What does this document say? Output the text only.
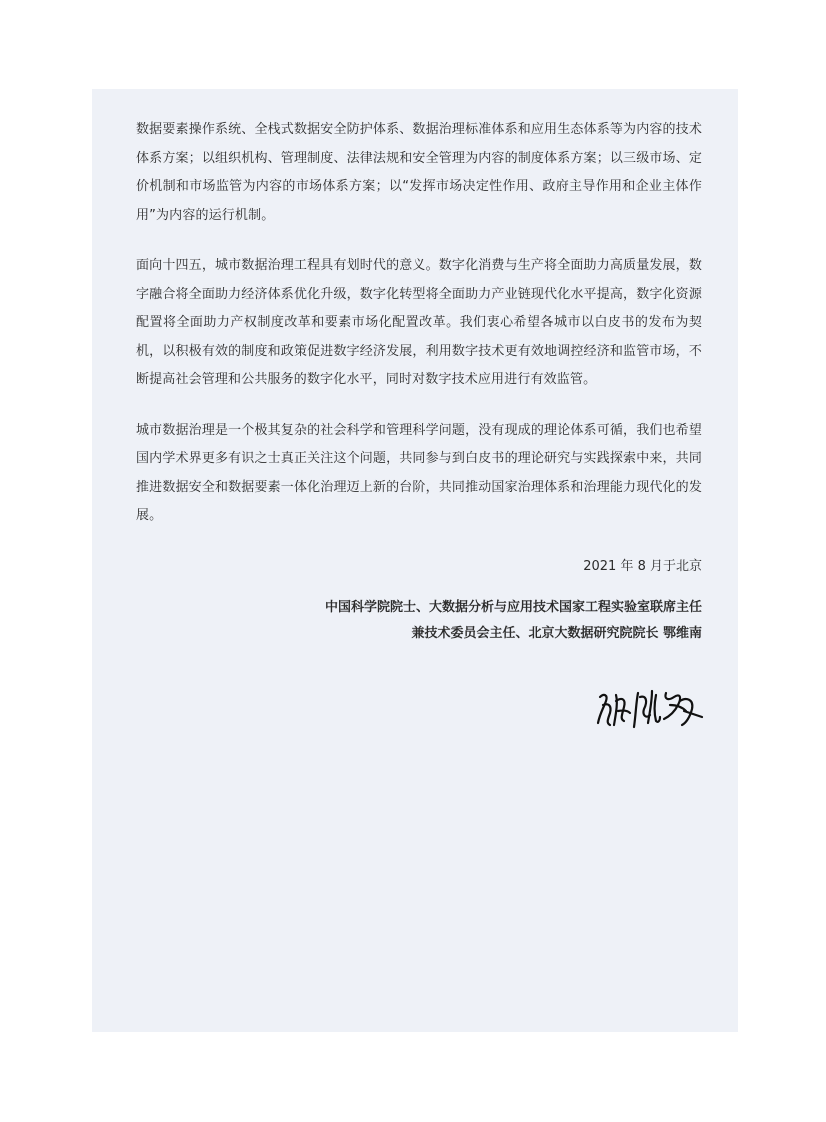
数据要素操作系统、全栈式数据安全防护体系、数据治理标准体系和应用生态体系等为内容的技术体系方案；以组织机构、管理制度、法律法规和安全管理为内容的制度体系方案；以三级市场、定价机制和市场监管为内容的市场体系方案；以“发挥市场决定性作用、政府主导作用和企业主体作用”为内容的运行机制。

面向十四五，城市数据治理工程具有划时代的意义。数字化消费与生产将全面助力高质量发展，数字融合将全面助力经济体系优化升级，数字化转型将全面助力产业链现代化水平提高，数字化资源配置将全面助力产权制度改革和要素市场化配置改革。我们衷心希望各城市以白皮书的发布为契机，以积极有效的制度和政策促进数字经济发展，利用数字技术更有效地调控经济和监管市场，不断提高社会管理和公共服务的数字化水平，同时对数字技术应用进行有效监管。

城市数据治理是一个极其复杂的社会科学和管理科学问题，没有现成的理论体系可循，我们也希望国内学术界更多有识之士真正关注这个问题，共同参与到白皮书的理论研究与实践探索中来，共同推进数据安全和数据要素一体化治理迈上新的台阶，共同推动国家治理体系和治理能力现代化的发展。

2021 年 8 月于北京
中国科学院院士、大数据分析与应用技术国家工程实验室联席主任
兼技术委员会主任、北京大数据研究院院长 鄂维南
